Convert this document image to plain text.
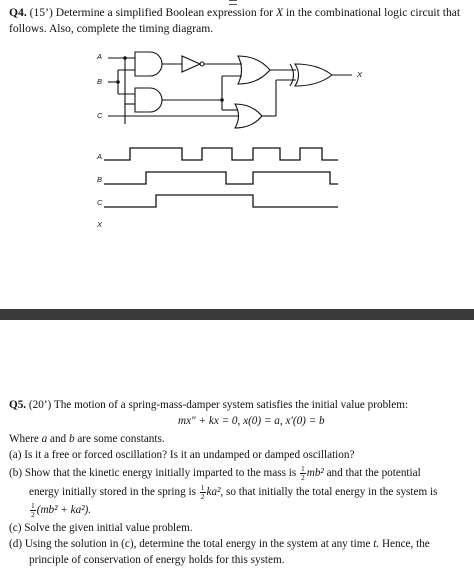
Q4. (15’) Determine a simplified Boolean expression for X in the combinational logic circuit that
follows. Also, complete the timing diagram.
A
B
C
X
A
B
C
X
Q5. (20’) The motion of a spring-mass-damper system satisfies the initial value problem:
mx″ + kx = 0, x(0) = a, x′(0) = b
Where a and b are some constants.
(a) Is it a free or forced oscillation? Is it an undamped or damped oscillation?
(b) Show that the kinetic energy initially imparted to the mass is $\frac{1}{2} mb^2$ and that the potential
energy initially stored in the spring is $\frac{1}{2} ka^2$, so that initially the total energy in the system is
$\frac{1}{2} (mb^2 + ka^2)$.
(c) Solve the given initial value problem.
(d) Using the solution in (c), determine the total energy in the system at any time t. Hence, the
principle of conservation of energy holds for this system.
